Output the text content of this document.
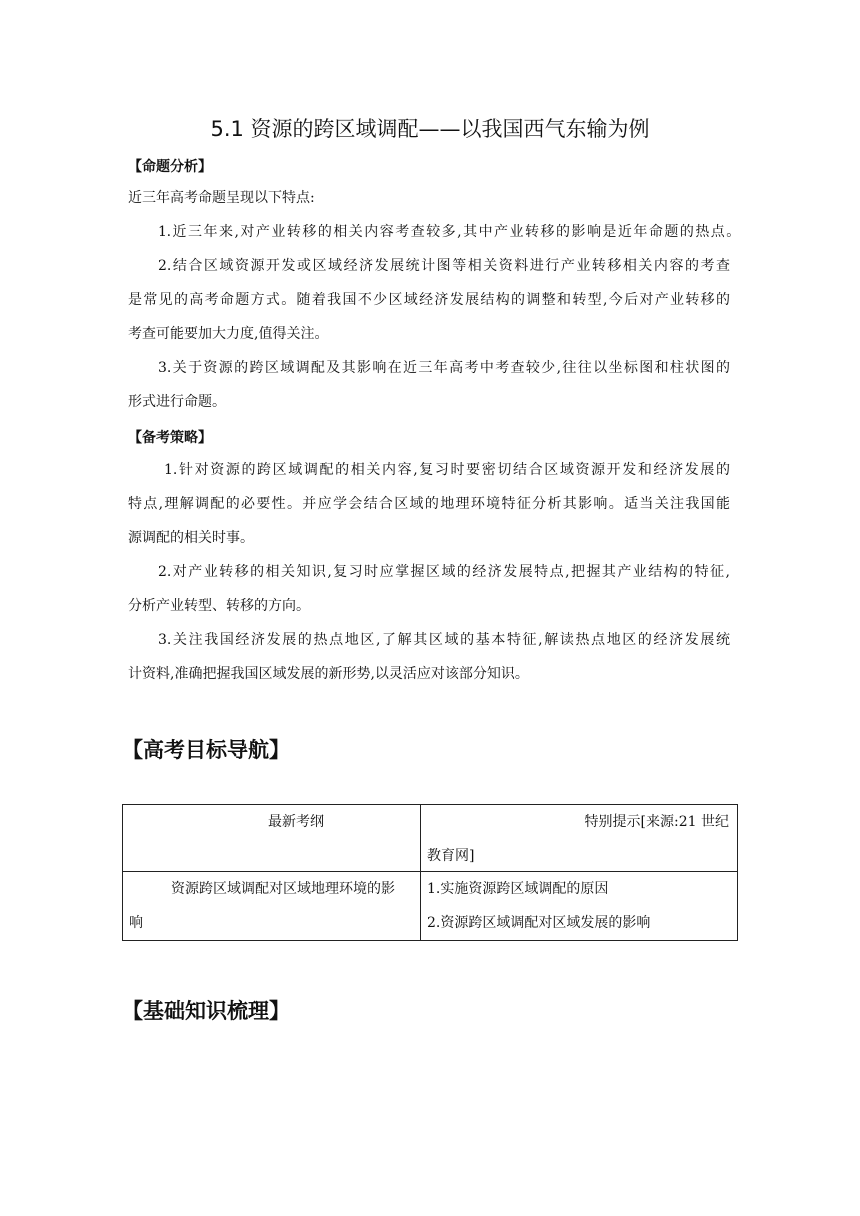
5.1 资源的跨区域调配——以我国西气东输为例
【命题分析】
近三年高考命题呈现以下特点:
1.近三年来,对产业转移的相关内容考查较多,其中产业转移的影响是近年命题的热点。
2.结合区域资源开发或区域经济发展统计图等相关资料进行产业转移相关内容的考查
是常见的高考命题方式。随着我国不少区域经济发展结构的调整和转型,今后对产业转移的
考查可能要加大力度,值得关注。
3.关于资源的跨区域调配及其影响在近三年高考中考查较少,往往以坐标图和柱状图的
形式进行命题。
【备考策略】
1.针对资源的跨区域调配的相关内容,复习时要密切结合区域资源开发和经济发展的
特点,理解调配的必要性。并应学会结合区域的地理环境特征分析其影响。适当关注我国能
源调配的相关时事。
2.对产业转移的相关知识,复习时应掌握区域的经济发展特点,把握其产业结构的特征,
分析产业转型、转移的方向。
3.关注我国经济发展的热点地区,了解其区域的基本特征,解读热点地区的经济发展统
计资料,准确把握我国区域发展的新形势,以灵活应对该部分知识。
【高考目标导航】
最新考纲	特别提示[来源:21 世纪
教育网]

资源跨区域调配对区域地理环境的影
响	1.实施资源跨区域调配的原因
2.资源跨区域调配对区域发展的影响
【基础知识梳理】
